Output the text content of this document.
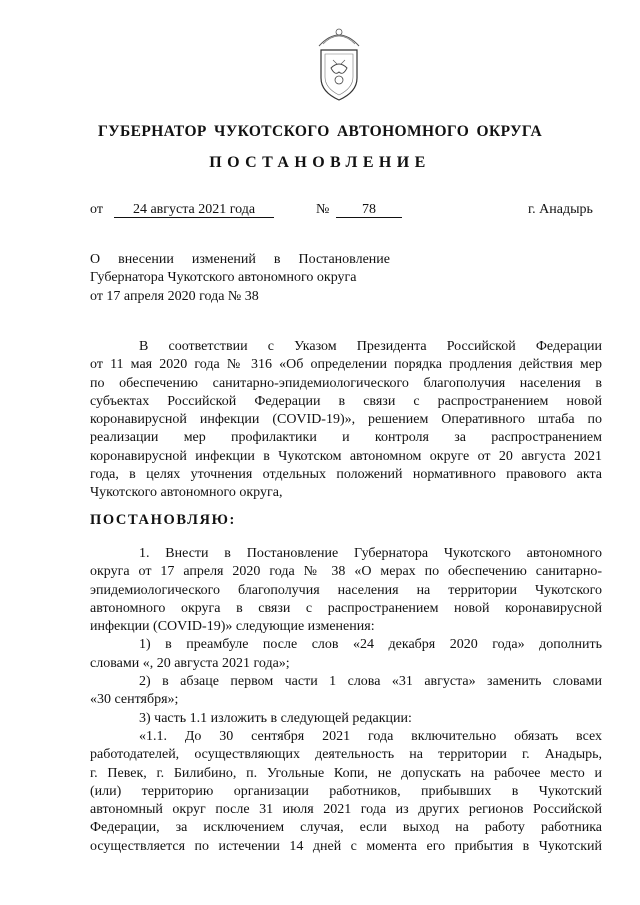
ГУБЕРНАТОР ЧУКОТСКОГО АВТОНОМНОГО ОКРУГА
ПОСТАНОВЛЕНИЕ
от	24 августа 2021 года	№	78	г. Анадырь
О внесении изменений в Постановление
Губернатора Чукотского автономного округа
от 17 апреля 2020 года № 38
В соответствии с Указом Президента Российской Федерации
от 11 мая 2020 года № 316 «Об определении порядка продления действия мер
по обеспечению санитарно-эпидемиологического благополучия населения в
субъектах Российской Федерации в связи с распространением новой
коронавирусной инфекции (COVID-19)», решением Оперативного штаба по
реализации мер профилактики и контроля за распространением
коронавирусной инфекции в Чукотском автономном округе от 20 августа 2021
года, в целях уточнения отдельных положений нормативного правового акта
Чукотского автономного округа,
ПОСТАНОВЛЯЮ:
1. Внести в Постановление Губернатора Чукотского автономного
округа от 17 апреля 2020 года № 38 «О мерах по обеспечению санитарно-
эпидемиологического благополучия населения на территории Чукотского
автономного округа в связи с распространением новой коронавирусной
инфекции (COVID-19)» следующие изменения:
1) в преамбуле после слов «24 декабря 2020 года» дополнить
словами «, 20 августа 2021 года»;
2) в абзаце первом части 1 слова «31 августа» заменить словами
«30 сентября»;
3) часть 1.1 изложить в следующей редакции:
«1.1. До 30 сентября 2021 года включительно обязать всех
работодателей, осуществляющих деятельность на территории г. Анадырь,
г. Певек, г. Билибино, п. Угольные Копи, не допускать на рабочее место и
(или) территорию организации работников, прибывших в Чукотский
автономный округ после 31 июля 2021 года из других регионов Российской
Федерации, за исключением случая, если выход на работу работника
осуществляется по истечении 14 дней с момента его прибытия в Чукотский
